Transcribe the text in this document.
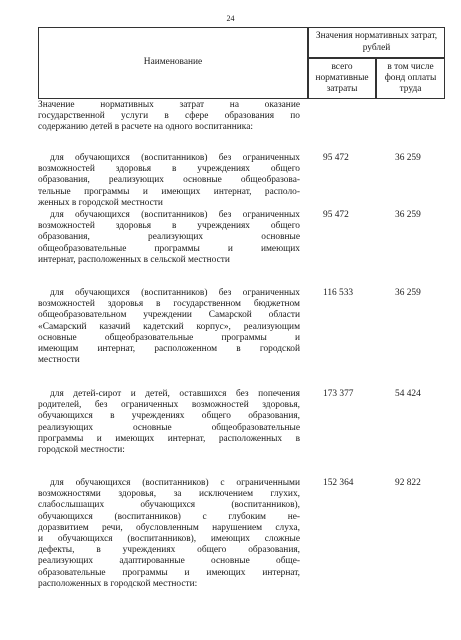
24
Наименование
Значения нормативных затрат, рублей
всего нормативные затраты
в том числе фонд оплаты труда
Значение нормативных затрат на оказание
государственной услуги в сфере образования по
содержанию детей в расчете на одного воспитанника:
для обучающихся (воспитанников) без ограниченных
возможностей здоровья в учреждениях общего
образования, реализующих основные общеобразова-
тельные программы и имеющих интернат, располо-
женных в городской местности
95 472	36 259
для обучающихся (воспитанников) без ограниченных
возможностей здоровья в учреждениях общего
образования, реализующих основные
общеобразовательные программы и имеющих
интернат, расположенных в сельской местности
95 472	36 259
для обучающихся (воспитанников) без ограниченных
возможностей здоровья в государственном бюджетном
общеобразовательном учреждении Самарской области
«Самарский казачий кадетский корпус», реализующим
основные общеобразовательные программы и
имеющим интернат, расположенном в городской
местности
116 533	36 259
для детей-сирот и детей, оставшихся без попечения
родителей, без ограниченных возможностей здоровья,
обучающихся в учреждениях общего образования,
реализующих основные общеобразовательные
программы и имеющих интернат, расположенных в
городской местности:
173 377	54 424
для обучающихся (воспитанников) с ограниченными
возможностями здоровья, за исключением глухих,
слабослышащих обучающихся (воспитанников),
обучающихся (воспитанников) с глубоким не-
доразвитием речи, обусловленным нарушением слуха,
и обучающихся (воспитанников), имеющих сложные
дефекты, в учреждениях общего образования,
реализующих адаптированные основные обще-
образовательные программы и имеющих интернат,
расположенных в городской местности:
152 364	92 822
